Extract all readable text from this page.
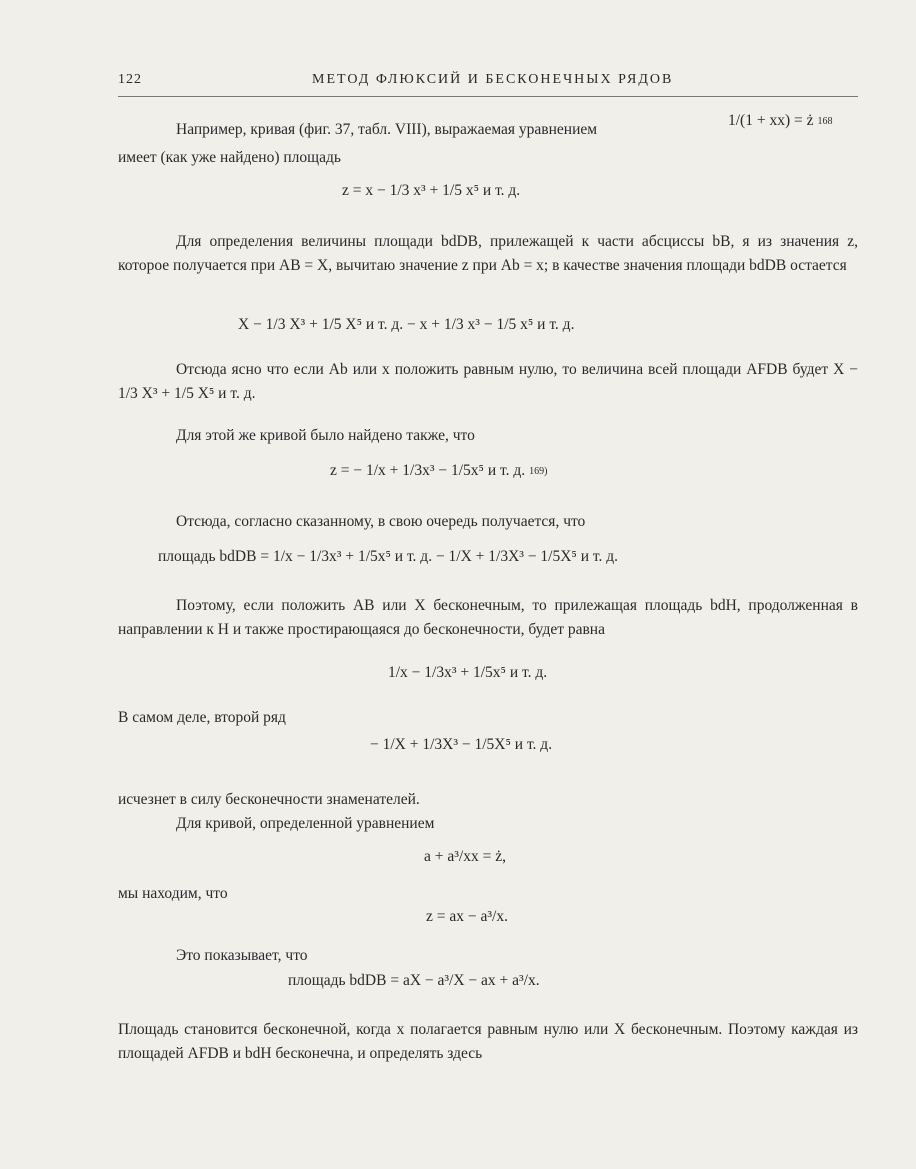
122	МЕТОД ФЛЮКСИЙ И БЕСКОНЕЧНЫХ РЯДОВ
Например, кривая (фиг. 37, табл. VIII), выражаемая уравнением
1/(1 + xx) = ż 168
имеет (как уже найдено) площадь
z = x − 1/3 x³ + 1/5 x⁵ и т. д.
Для определения величины площади bdDB, прилежащей к части абсциссы bB, я из значения z, которое получается при AB = X, вычитаю значение z при Ab = x; в качестве значения площади bdDB остается
X − 1/3 X³ + 1/5 X⁵ и т. д. − x + 1/3 x³ − 1/5 x⁵ и т. д.
Отсюда ясно что если Ab или x положить равным нулю, то величина всей площади AFDB будет X − 1/3 X³ + 1/5 X⁵ и т. д.
Для этой же кривой было найдено также, что
z = − 1/x + 1/3x³ − 1/5x⁵ и т. д. 169)
Отсюда, согласно сказанному, в свою очередь получается, что
площадь bdDB = 1/x − 1/3x³ + 1/5x⁵ и т. д. − 1/X + 1/3X³ − 1/5X⁵ и т. д.
Поэтому, если положить AB или X бесконечным, то прилежащая площадь bdH, продолженная в направлении к H и также простирающаяся до бесконечности, будет равна
1/x − 1/3x³ + 1/5x⁵ и т. д.
В самом деле, второй ряд
− 1/X + 1/3X³ − 1/5X⁵ и т. д.
исчезнет в силу бесконечности знаменателей.
Для кривой, определенной уравнением
a + a³/xx = ż,
мы находим, что
z = ax − a³/x.
Это показывает, что
площадь bdDB = aX − a³/X − ax + a³/x.
Площадь становится бесконечной, когда x полагается равным нулю или X бесконечным. Поэтому каждая из площадей AFDB и bdH бесконечна, и определять здесь
